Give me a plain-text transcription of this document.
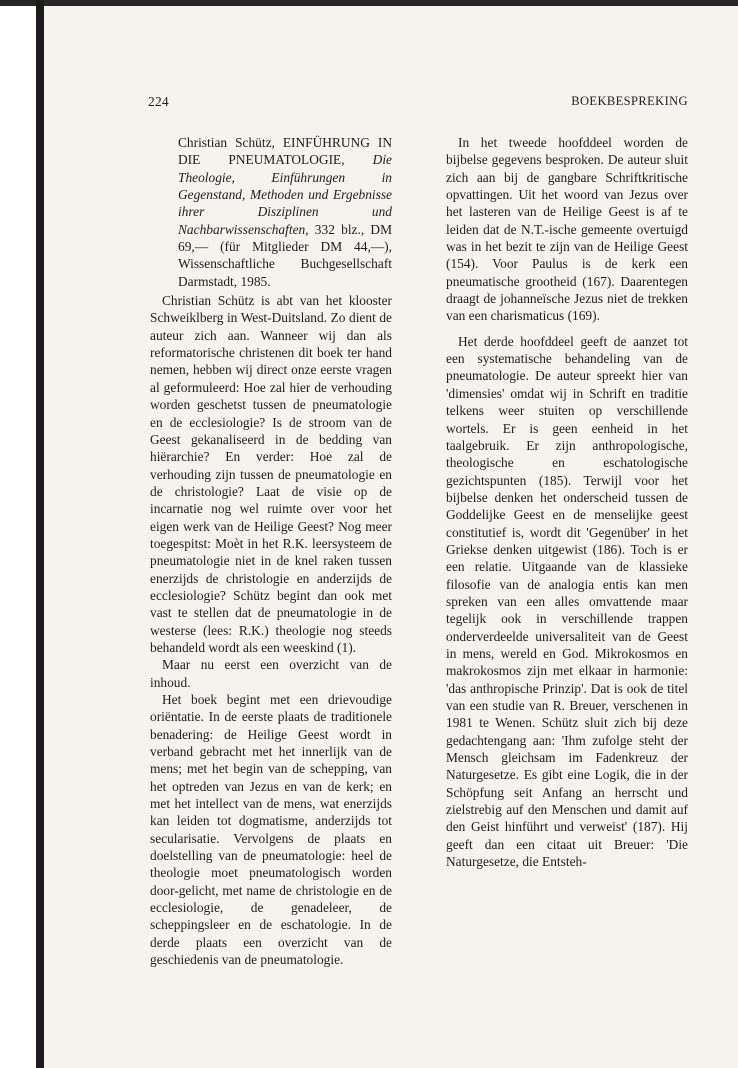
224	BOEKBESPREKING
Christian Schütz, EINFÜHRUNG IN DIE PNEUMATOLOGIE, Die Theologie, Einführungen in Gegenstand, Methoden und Ergebnisse ihrer Disziplinen und Nachbarwissenschaften, 332 blz., DM 69,— (für Mitglieder DM 44,—), Wissenschaftliche Buchgesellschaft Darmstadt, 1985.

Christian Schütz is abt van het klooster Schweiklberg in West-Duitsland. Zo dient de auteur zich aan. Wanneer wij dan als reformatorische christenen dit boek ter hand nemen, hebben wij direct onze eerste vragen al geformuleerd: Hoe zal hier de verhouding worden geschetst tussen de pneumatologie en de ecclesiologie? Is de stroom van de Geest gekanaliseerd in de bedding van hiërarchie? En verder: Hoe zal de verhouding zijn tussen de pneumatologie en de christologie? Laat de visie op de incarnatie nog wel ruimte over voor het eigen werk van de Heilige Geest? Nog meer toegespitst: Moèt in het R.K. leersysteem de pneumatologie niet in de knel raken tussen enerzijds de christologie en anderzijds de ecclesiologie? Schütz begint dan ook met vast te stellen dat de pneumatologie in de westerse (lees: R.K.) theologie nog steeds behandeld wordt als een weeskind (1).

Maar nu eerst een overzicht van de inhoud.

Het boek begint met een drievoudige oriëntatie. In de eerste plaats de traditionele benadering: de Heilige Geest wordt in verband gebracht met het innerlijk van de mens; met het begin van de schepping, van het optreden van Jezus en van de kerk; en met het intellect van de mens, wat enerzijds kan leiden tot dogmatisme, anderzijds tot secularisatie. Vervolgens de plaats en doelstelling van de pneumatologie: heel de theologie moet pneumatologisch worden door-gelicht, met name de christologie en de ecclesiologie, de genadeleer, de scheppingsleer en de eschatologie. In de derde plaats een overzicht van de geschiedenis van de pneumatologie.

In het tweede hoofddeel worden de bijbelse gegevens besproken. De auteur sluit zich aan bij de gangbare Schriftkritische opvattingen. Uit het woord van Jezus over het lasteren van de Heilige Geest is af te leiden dat de N.T.-ische gemeente overtuigd was in het bezit te zijn van de Heilige Geest (154). Voor Paulus is de kerk een pneumatische grootheid (167). Daarentegen draagt de johanneïsche Jezus niet de trekken van een charismaticus (169).

Het derde hoofddeel geeft de aanzet tot een systematische behandeling van de pneumatologie. De auteur spreekt hier van 'dimensies' omdat wij in Schrift en traditie telkens weer stuiten op verschillende wortels. Er is geen eenheid in het taalgebruik. Er zijn anthropologische, theologische en eschatologische gezichtspunten (185). Terwijl voor het bijbelse denken het onderscheid tussen de Goddelijke Geest en de menselijke geest constitutief is, wordt dit 'Gegenüber' in het Griekse denken uitgewist (186). Toch is er een relatie. Uitgaande van de klassieke filosofie van de analogia entis kan men spreken van een alles omvattende maar tegelijk ook in verschillende trappen onderverdeelde universaliteit van de Geest in mens, wereld en God. Mikrokosmos en makrokosmos zijn met elkaar in harmonie: 'das anthropische Prinzip'. Dat is ook de titel van een studie van R. Breuer, verschenen in 1981 te Wenen. Schütz sluit zich bij deze gedachtengang aan: 'Ihm zufolge steht der Mensch gleichsam im Fadenkreuz der Naturgesetze. Es gibt eine Logik, die in der Schöpfung seit Anfang an herrscht und zielstrebig auf den Menschen und damit auf den Geist hinführt und verweist' (187). Hij geeft dan een citaat uit Breuer: 'Die Naturgesetze, die Entsteh-
